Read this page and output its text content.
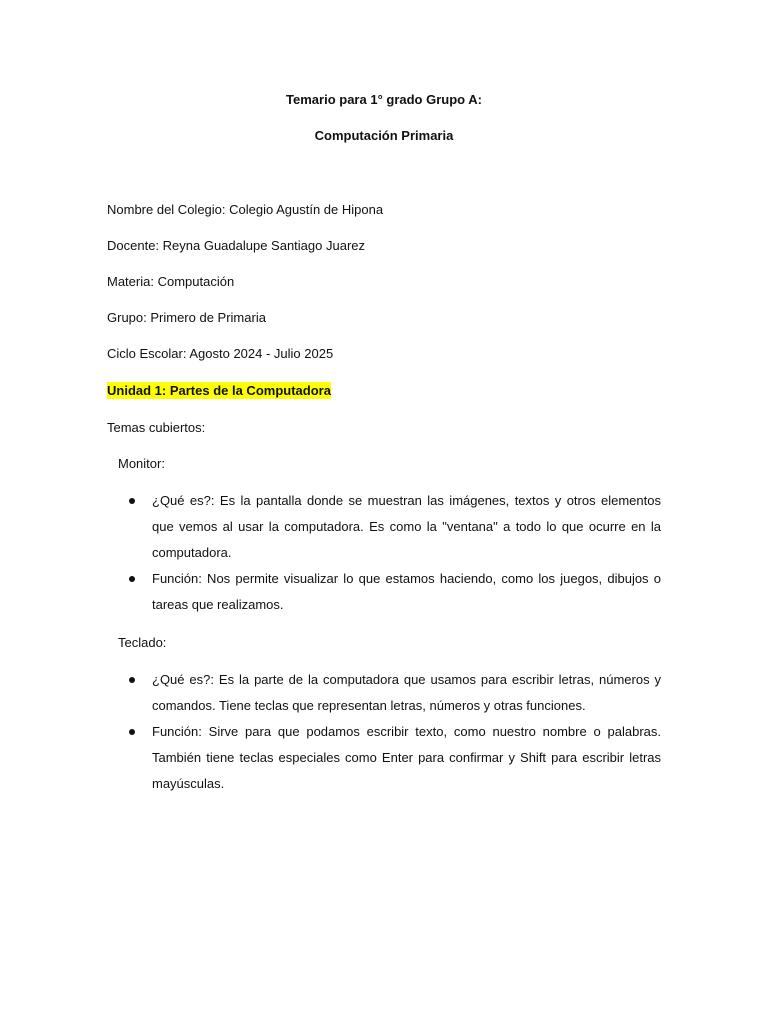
Temario para 1° grado Grupo A:
Computación Primaria
Nombre del Colegio: Colegio Agustín de Hipona
Docente: Reyna Guadalupe Santiago Juarez
Materia: Computación
Grupo: Primero de Primaria
Ciclo Escolar: Agosto 2024 - Julio 2025
Unidad 1: Partes de la Computadora
Temas cubiertos:
Monitor:
¿Qué es?: Es la pantalla donde se muestran las imágenes, textos y otros elementos que vemos al usar la computadora. Es como la "ventana" a todo lo que ocurre en la computadora.
Función: Nos permite visualizar lo que estamos haciendo, como los juegos, dibujos o tareas que realizamos.
Teclado:
¿Qué es?: Es la parte de la computadora que usamos para escribir letras, números y comandos. Tiene teclas que representan letras, números y otras funciones.
Función: Sirve para que podamos escribir texto, como nuestro nombre o palabras. También tiene teclas especiales como Enter para confirmar y Shift para escribir letras mayúsculas.
